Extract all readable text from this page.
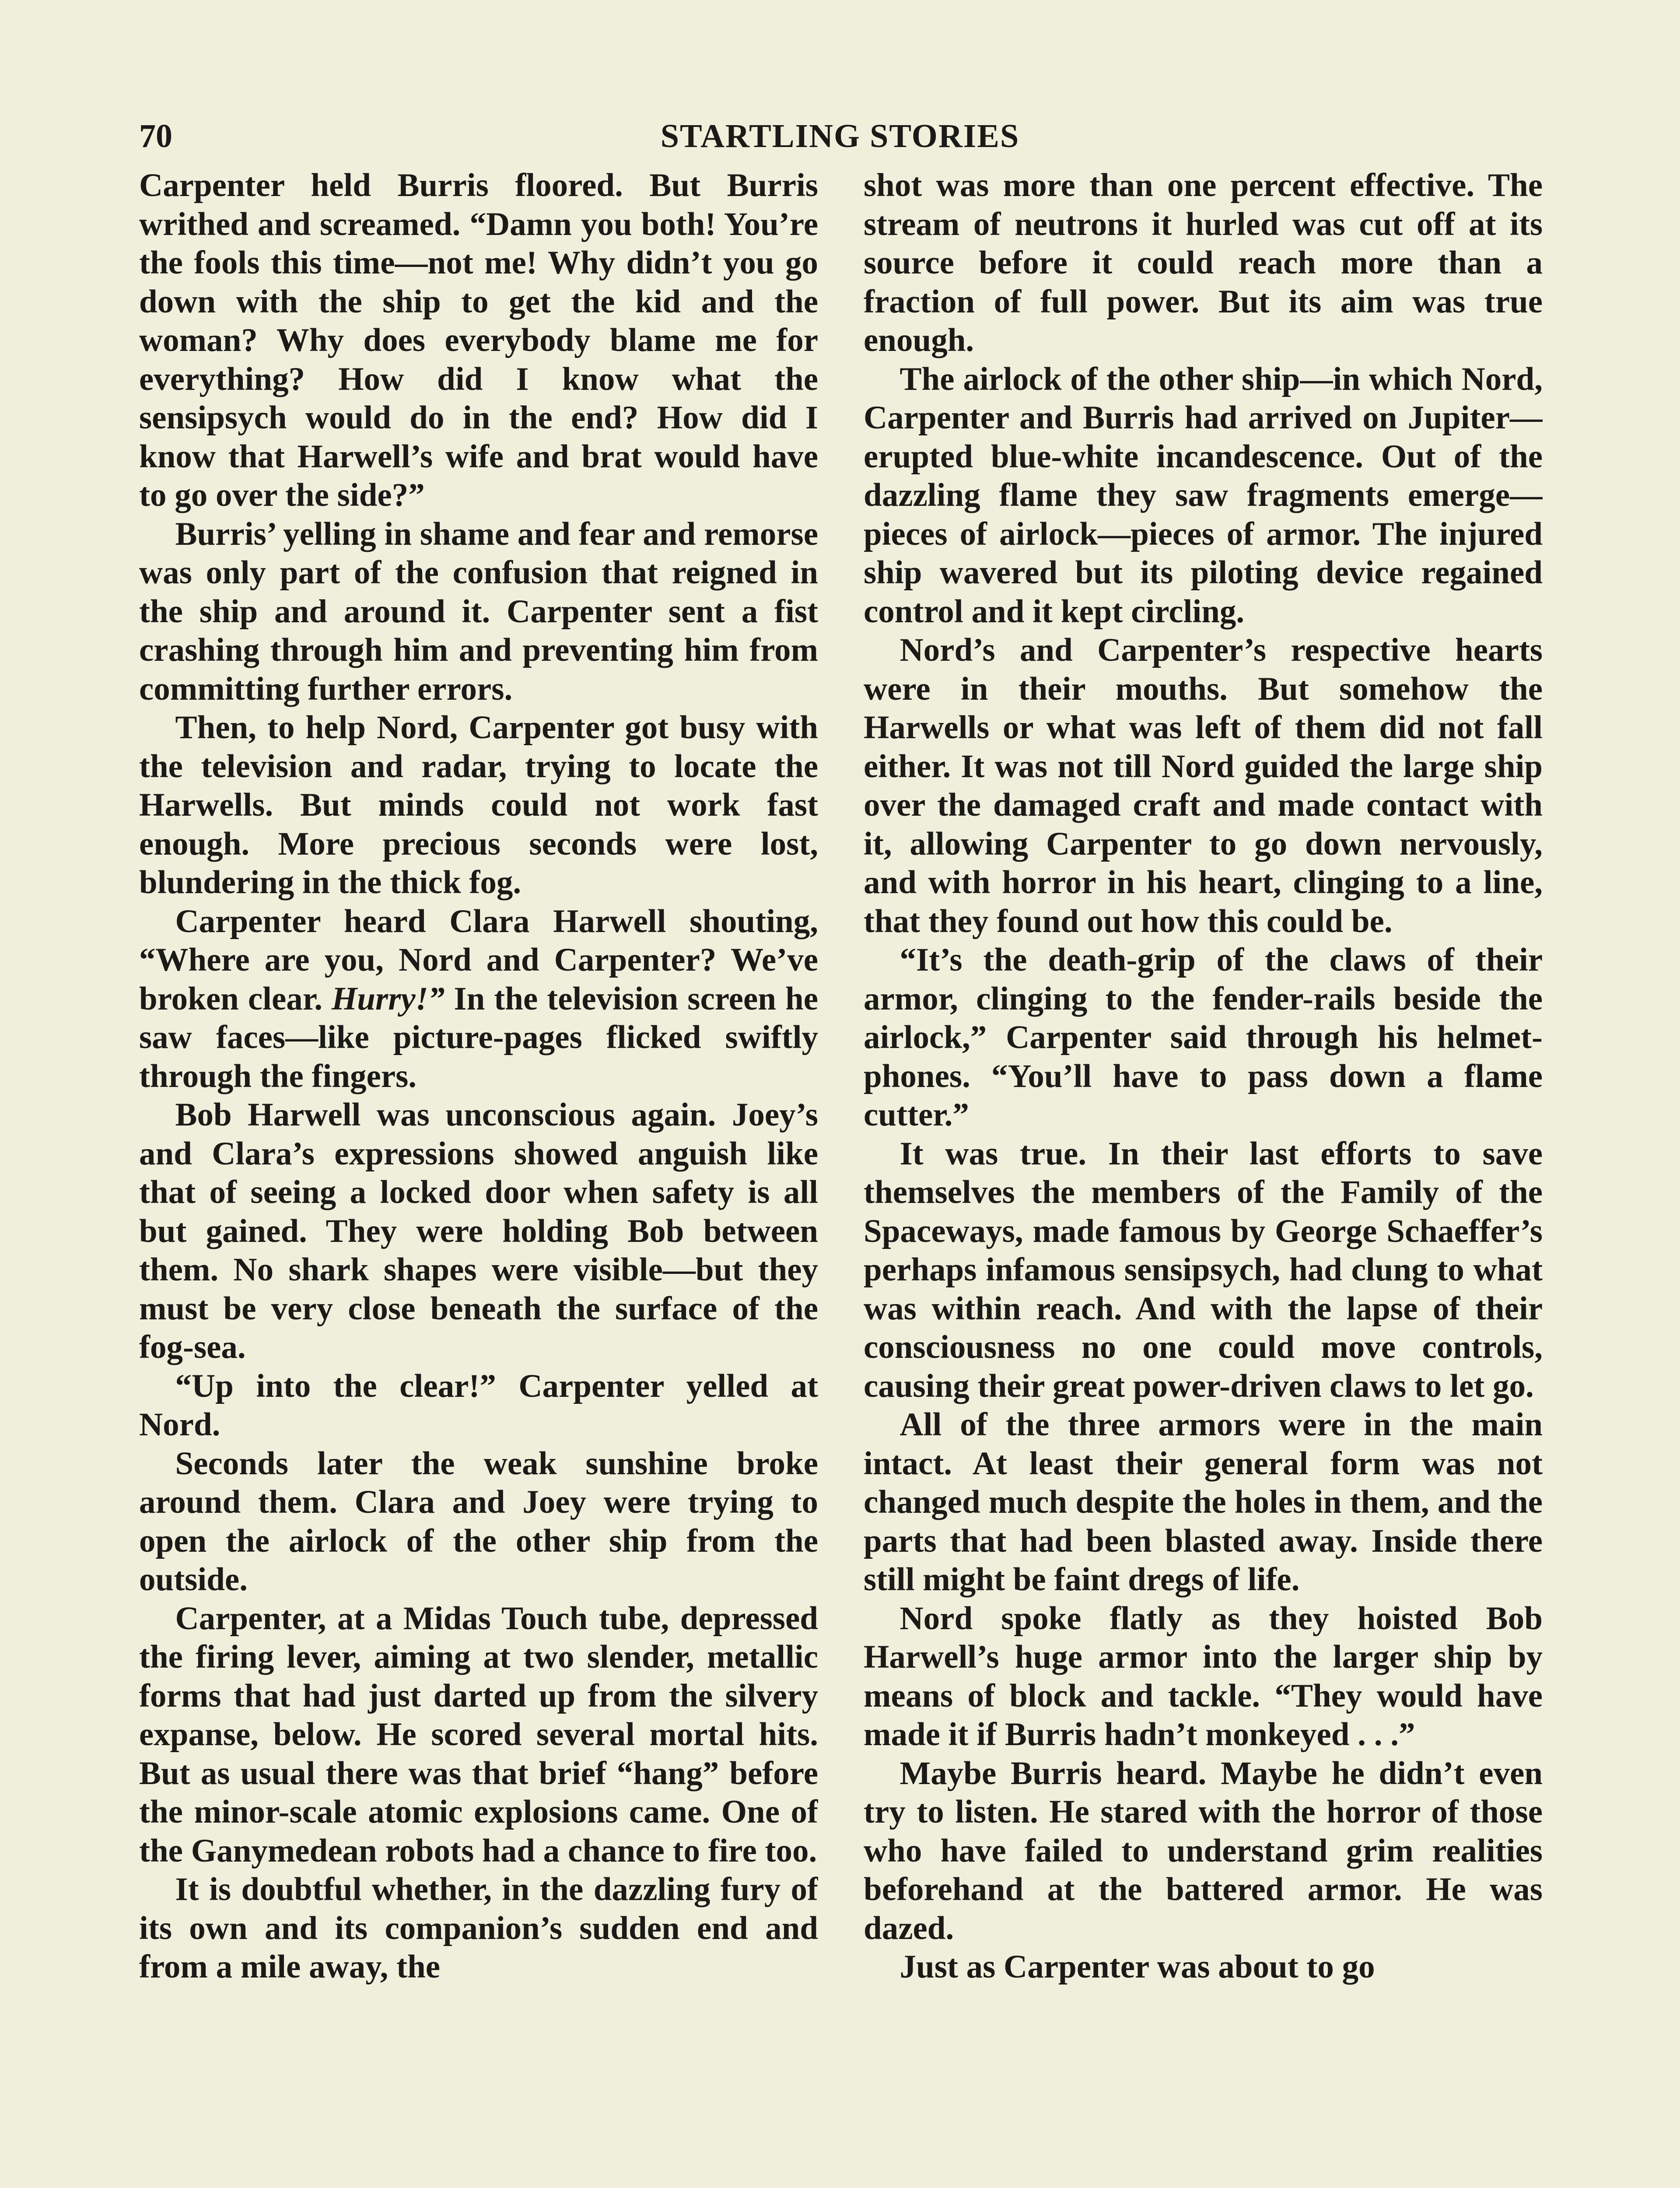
70	STARTLING STORIES

Carpenter held Burris floored. But Burris writhed and screamed. “Damn you both! You’re the fools this time—not me! Why didn’t you go down with the ship to get the kid and the woman? Why does everybody blame me for everything? How did I know what the sensipsych would do in the end? How did I know that Harwell’s wife and brat would have to go over the side?”

Burris’ yelling in shame and fear and remorse was only part of the confusion that reigned in the ship and around it. Carpenter sent a fist crashing through him and preventing him from committing further errors.

Then, to help Nord, Carpenter got busy with the television and radar, trying to locate the Harwells. But minds could not work fast enough. More precious seconds were lost, blundering in the thick fog.

Carpenter heard Clara Harwell shouting, “Where are you, Nord and Carpenter? We’ve broken clear. Hurry!” In the television screen he saw faces—like picture-pages flicked swiftly through the fingers.

Bob Harwell was unconscious again. Joey’s and Clara’s expressions showed anguish like that of seeing a locked door when safety is all but gained. They were holding Bob between them. No shark shapes were visible—but they must be very close beneath the surface of the fog-sea.

“Up into the clear!” Carpenter yelled at Nord.

Seconds later the weak sunshine broke around them. Clara and Joey were trying to open the airlock of the other ship from the outside.

Carpenter, at a Midas Touch tube, depressed the firing lever, aiming at two slender, metallic forms that had just darted up from the silvery expanse, below. He scored several mortal hits. But as usual there was that brief “hang” before the minor-scale atomic explosions came. One of the Ganymedean robots had a chance to fire too.

It is doubtful whether, in the dazzling fury of its own and its companion’s sudden end and from a mile away, the

shot was more than one percent effective. The stream of neutrons it hurled was cut off at its source before it could reach more than a fraction of full power. But its aim was true enough.

The airlock of the other ship—in which Nord, Carpenter and Burris had arrived on Jupiter—erupted blue-white incandescence. Out of the dazzling flame they saw fragments emerge—pieces of airlock—pieces of armor. The injured ship wavered but its piloting device regained control and it kept circling.

Nord’s and Carpenter’s respective hearts were in their mouths. But somehow the Harwells or what was left of them did not fall either. It was not till Nord guided the large ship over the damaged craft and made contact with it, allowing Carpenter to go down nervously, and with horror in his heart, clinging to a line, that they found out how this could be.

“It’s the death-grip of the claws of their armor, clinging to the fender-rails beside the airlock,” Carpenter said through his helmet-phones. “You’ll have to pass down a flame cutter.”

It was true. In their last efforts to save themselves the members of the Family of the Spaceways, made famous by George Schaeffer’s perhaps infamous sensipsych, had clung to what was within reach. And with the lapse of their consciousness no one could move controls, causing their great power-driven claws to let go.

All of the three armors were in the main intact. At least their general form was not changed much despite the holes in them, and the parts that had been blasted away. Inside there still might be faint dregs of life.

Nord spoke flatly as they hoisted Bob Harwell’s huge armor into the larger ship by means of block and tackle. “They would have made it if Burris hadn’t monkeyed . . .”

Maybe Burris heard. Maybe he didn’t even try to listen. He stared with the horror of those who have failed to understand grim realities beforehand at the battered armor. He was dazed.

Just as Carpenter was about to go
